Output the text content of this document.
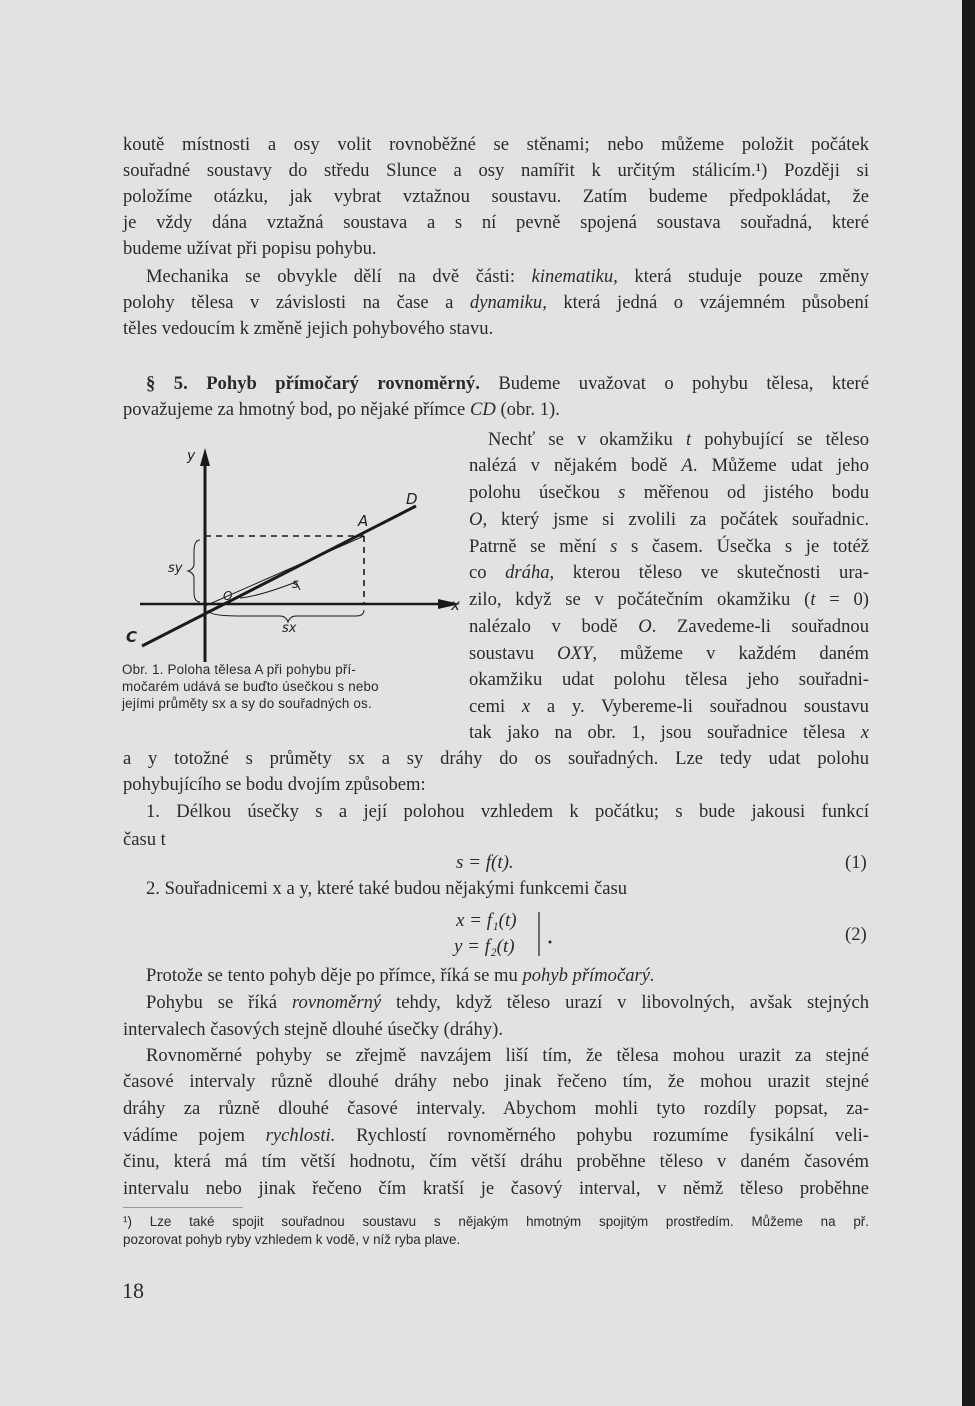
koutě místnosti a osy volit rovnoběžné se stěnami; nebo můžeme položit počátek
souřadné soustavy do středu Slunce a osy namířit k určitým stálicím.¹) Později si
položíme otázku, jak vybrat vztažnou soustavu. Zatím budeme předpokládat, že
je vždy dána vztažná soustava a s ní pevně spojená soustava souřadná, které
budeme užívat při popisu pohybu.
Mechanika se obvykle dělí na dvě části: kinematiku, která studuje pouze změny
polohy tělesa v závislosti na čase a dynamiku, která jedná o vzájemném působení
těles vedoucím k změně jejich pohybového stavu.
§ 5. Pohyb přímočarý rovnoměrný. Budeme uvažovat o pohybu tělesa, které
považujeme za hmotný bod, po nějaké přímce CD (obr. 1).
y
x
D
A
s
sy
O
sx
C
Obr. 1. Poloha tělesa A při pohybu pří-
močarém udává se buďto úsečkou s nebo
jejími průměty sx a sy do souřadných os.
Nechť se v okamžiku t pohybující se těleso
nalézá v nějakém bodě A. Můžeme udat jeho
polohu úsečkou s měřenou od jistého bodu
O, který jsme si zvolili za počátek souřadnic.
Patrně se mění s s časem. Úsečka s je totéž
co dráha, kterou těleso ve skutečnosti ura-
zilo, když se v počátečním okamžiku (t = 0)
nalézalo v bodě O. Zavedeme-li souřadnou
soustavu OXY, můžeme v každém daném
okamžiku udat polohu tělesa jeho souřadni-
cemi x a y. Vybereme-li souřadnou soustavu
tak jako na obr. 1, jsou souřadnice tělesa x
a y totožné s průměty sx a sy dráhy do os souřadných. Lze tedy udat polohu
pohybujícího se bodu dvojím způsobem:
1. Délkou úsečky s a její polohou vzhledem k počátku; s bude jakousi funkcí
času t
s = f(t).	(1)
2. Souřadnicemi x a y, které také budou nějakými funkcemi času
x = f₁(t)
y = f₂(t)
(2)
Protože se tento pohyb děje po přímce, říká se mu pohyb přímočarý.
Pohybu se říká rovnoměrný tehdy, když těleso urazí v libovolných, avšak stejných
intervalech časových stejně dlouhé úsečky (dráhy).
Rovnoměrné pohyby se zřejmě navzájem liší tím, že tělesa mohou urazit za stejné
časové intervaly různě dlouhé dráhy nebo jinak řečeno tím, že mohou urazit stejné
dráhy za různě dlouhé časové intervaly. Abychom mohli tyto rozdíly popsat, za-
vádíme pojem rychlosti. Rychlostí rovnoměrného pohybu rozumíme fysikální veli-
činu, která má tím větší hodnotu, čím větší dráhu proběhne těleso v daném časovém
intervalu nebo jinak řečeno čím kratší je časový interval, v němž těleso proběhne
¹) Lze také spojit souřadnou soustavu s nějakým hmotným spojitým prostředím. Můžeme na př.
pozorovat pohyb ryby vzhledem k vodě, v níž ryba plave.
18
